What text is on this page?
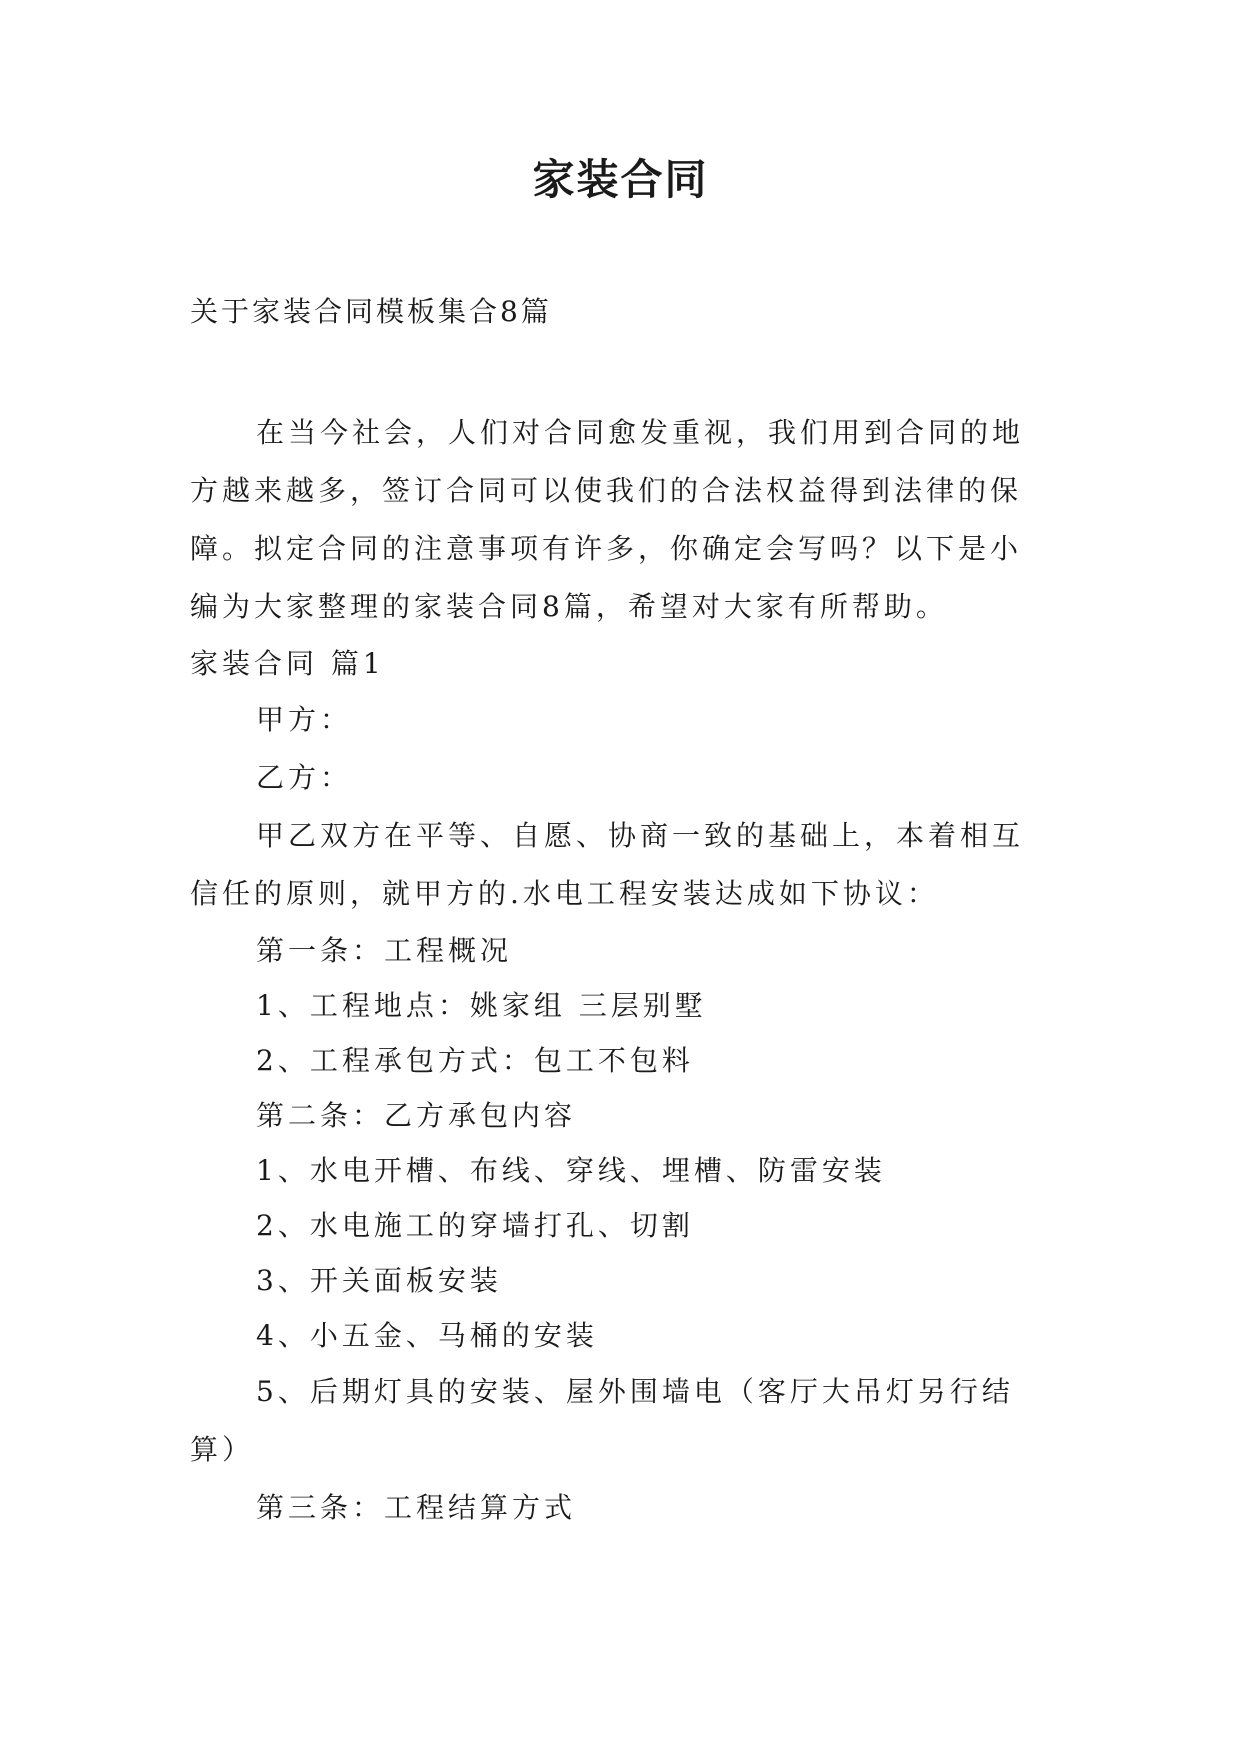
家装合同
关于家装合同模板集合8篇

在当今社会，人们对合同愈发重视，我们用到合同的地方越来越多，签订合同可以使我们的合法权益得到法律的保障。拟定合同的注意事项有许多，你确定会写吗？以下是小编为大家整理的家装合同8篇，希望对大家有所帮助。

家装合同 篇1

甲方：

乙方：

甲乙双方在平等、自愿、协商一致的基础上，本着相互信任的原则，就甲方的.水电工程安装达成如下协议：

第一条：工程概况

1、工程地点：姚家组 三层别墅

2、工程承包方式：包工不包料

第二条：乙方承包内容

1、水电开槽、布线、穿线、埋槽、防雷安装

2、水电施工的穿墙打孔、切割

3、开关面板安装

4、小五金、马桶的安装

5、后期灯具的安装、屋外围墙电（客厅大吊灯另行结算）

第三条：工程结算方式
